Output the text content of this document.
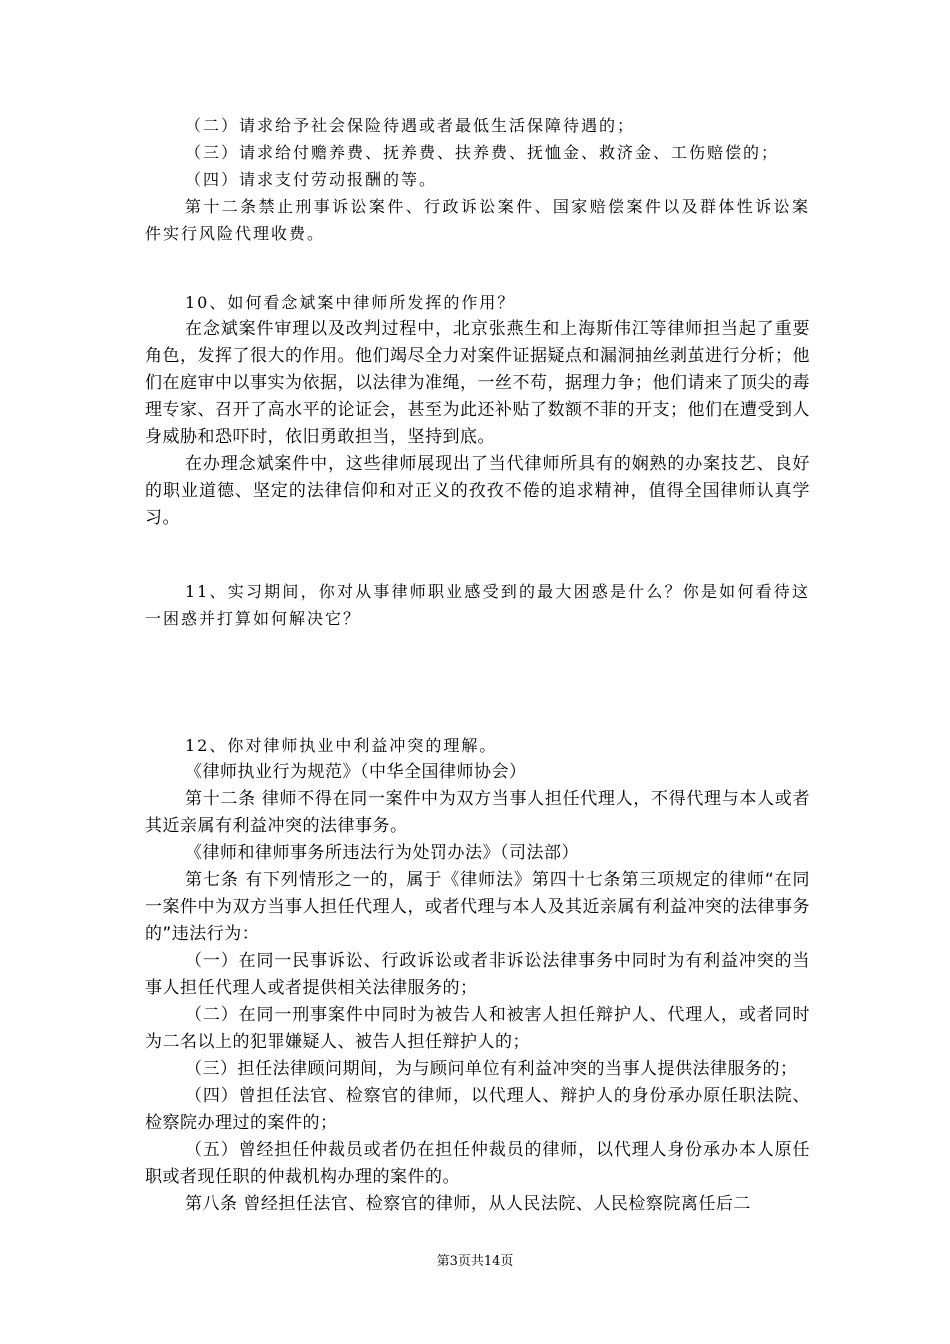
（二）请求给予社会保险待遇或者最低生活保障待遇的；

（三）请求给付赡养费、抚养费、扶养费、抚恤金、救济金、工伤赔偿的；

（四）请求支付劳动报酬的等。

第十二条禁止刑事诉讼案件、行政诉讼案件、国家赔偿案件以及群体性诉讼案件实行风险代理收费。

10、如何看念斌案中律师所发挥的作用？

在念斌案件审理以及改判过程中，北京张燕生和上海斯伟江等律师担当起了重要角色，发挥了很大的作用。他们竭尽全力对案件证据疑点和漏洞抽丝剥茧进行分析；他们在庭审中以事实为依据，以法律为准绳，一丝不苟，据理力争；他们请来了顶尖的毒理专家、召开了高水平的论证会，甚至为此还补贴了数额不菲的开支；他们在遭受到人身威胁和恐吓时，依旧勇敢担当，坚持到底。

在办理念斌案件中，这些律师展现出了当代律师所具有的娴熟的办案技艺、良好的职业道德、坚定的法律信仰和对正义的孜孜不倦的追求精神，值得全国律师认真学习。

11、实习期间，你对从事律师职业感受到的最大困惑是什么？你是如何看待这一困惑并打算如何解决它？

12、你对律师执业中利益冲突的理解。

《律师执业行为规范》（中华全国律师协会）

第十二条 律师不得在同一案件中为双方当事人担任代理人，不得代理与本人或者其近亲属有利益冲突的法律事务。

《律师和律师事务所违法行为处罚办法》（司法部）

第七条 有下列情形之一的，属于《律师法》第四十七条第三项规定的律师“在同一案件中为双方当事人担任代理人，或者代理与本人及其近亲属有利益冲突的法律事务的”违法行为：

（一）在同一民事诉讼、行政诉讼或者非诉讼法律事务中同时为有利益冲突的当事人担任代理人或者提供相关法律服务的；

（二）在同一刑事案件中同时为被告人和被害人担任辩护人、代理人，或者同时为二名以上的犯罪嫌疑人、被告人担任辩护人的；

（三）担任法律顾问期间，为与顾问单位有利益冲突的当事人提供法律服务的；

（四）曾担任法官、检察官的律师，以代理人、辩护人的身份承办原任职法院、检察院办理过的案件的；

（五）曾经担任仲裁员或者仍在担任仲裁员的律师，以代理人身份承办本人原任职或者现任职的仲裁机构办理的案件的。

第八条 曾经担任法官、检察官的律师，从人民法院、人民检察院离任后二

第3页共14页
